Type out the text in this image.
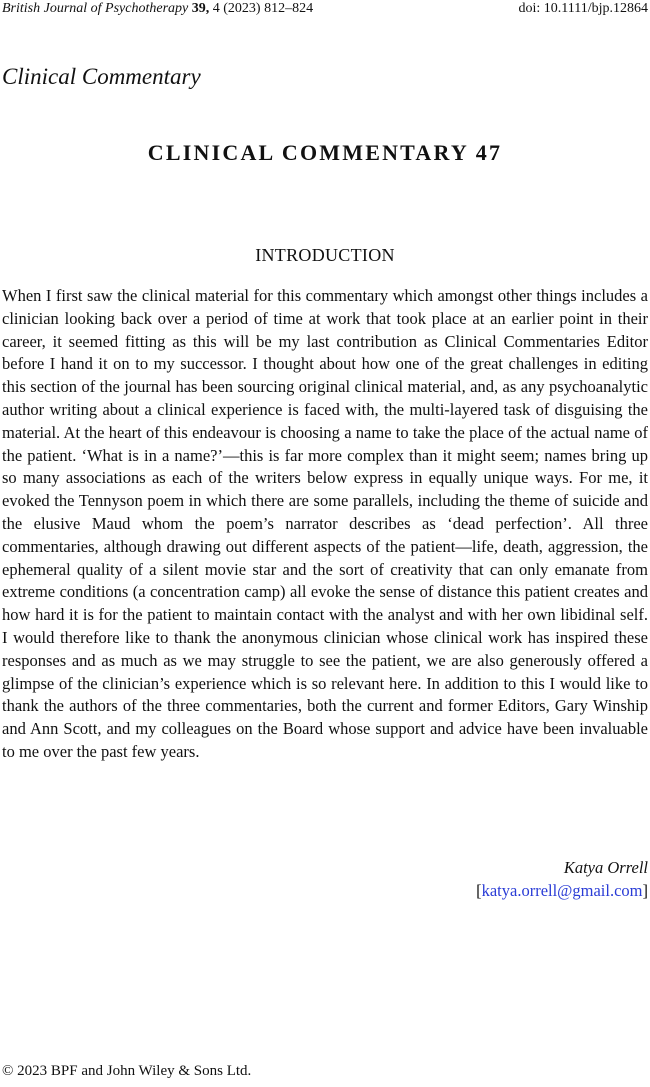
British Journal of Psychotherapy 39, 4 (2023) 812–824	doi: 10.1111/bjp.12864
Clinical Commentary
CLINICAL COMMENTARY 47
INTRODUCTION

When I first saw the clinical material for this commentary which amongst other things includes a clinician looking back over a period of time at work that took place at an earlier point in their career, it seemed fitting as this will be my last contribution as Clinical Commentaries Editor before I hand it on to my successor. I thought about how one of the great challenges in editing this section of the journal has been sourcing original clinical material, and, as any psychoanalytic author writing about a clinical experience is faced with, the multi-layered task of disguising the material. At the heart of this endeavour is choosing a name to take the place of the actual name of the patient. ‘What is in a name?’—this is far more complex than it might seem; names bring up so many associations as each of the writers below express in equally unique ways. For me, it evoked the Tennyson poem in which there are some parallels, including the theme of suicide and the elusive Maud whom the poem’s narrator describes as ‘dead perfection’. All three commentaries, although drawing out different aspects of the patient—life, death, aggression, the ephemeral quality of a silent movie star and the sort of creativity that can only emanate from extreme conditions (a concentration camp) all evoke the sense of distance this patient creates and how hard it is for the patient to maintain contact with the analyst and with her own libidinal self. I would therefore like to thank the anonymous clinician whose clinical work has inspired these responses and as much as we may struggle to see the patient, we are also generously offered a glimpse of the clinician’s experience which is so relevant here. In addition to this I would like to thank the authors of the three commentaries, both the current and former Editors, Gary Winship and Ann Scott, and my colleagues on the Board whose support and advice have been invaluable to me over the past few years.

Katya Orrell
[katya.orrell@gmail.com]
© 2023 BPF and John Wiley & Sons Ltd.
